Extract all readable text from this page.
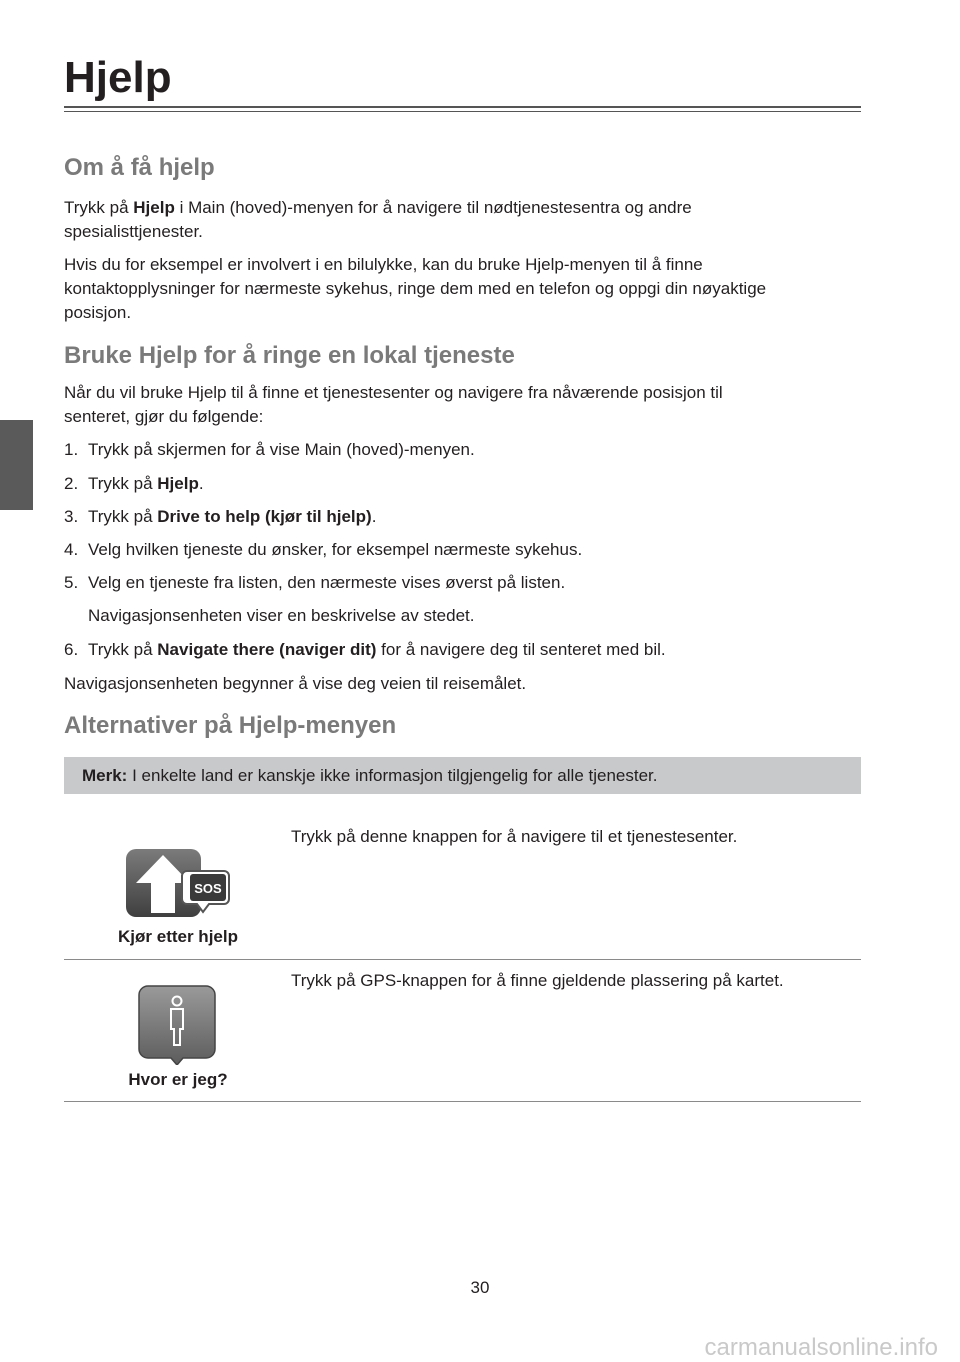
Hjelp
Om å få hjelp

Trykk på Hjelp i Main (hoved)-menyen for å navigere til nødtjenestesentra og andre

spesialisttjenester.

Hvis du for eksempel er involvert i en bilulykke, kan du bruke Hjelp-menyen til å finne

kontaktopplysninger for nærmeste sykehus, ringe dem med en telefon og oppgi din nøyaktige

posisjon.

Bruke Hjelp for å ringe en lokal tjeneste

Når du vil bruke Hjelp til å finne et tjenestesenter og navigere fra nåværende posisjon til

senteret, gjør du følgende:

1. Trykk på skjermen for å vise Main (hoved)-menyen.
2. Trykk på Hjelp.
3. Trykk på Drive to help (kjør til hjelp).
4. Velg hvilken tjeneste du ønsker, for eksempel nærmeste sykehus.
5. Velg en tjeneste fra listen, den nærmeste vises øverst på listen.
Navigasjonsenheten viser en beskrivelse av stedet.
6. Trykk på Navigate there (naviger dit) for å navigere deg til senteret med bil.

Navigasjonsenheten begynner å vise deg veien til reisemålet.

Alternativer på Hjelp-menyen
Merk: I enkelte land er kanskje ikke informasjon tilgjengelig for alle tjenester.
SOS
Kjør etter hjelp
Trykk på denne knappen for å navigere til et tjenestesenter.
Hvor er jeg?
Trykk på GPS-knappen for å finne gjeldende plassering på kartet.
30
carmanualsonline.info
